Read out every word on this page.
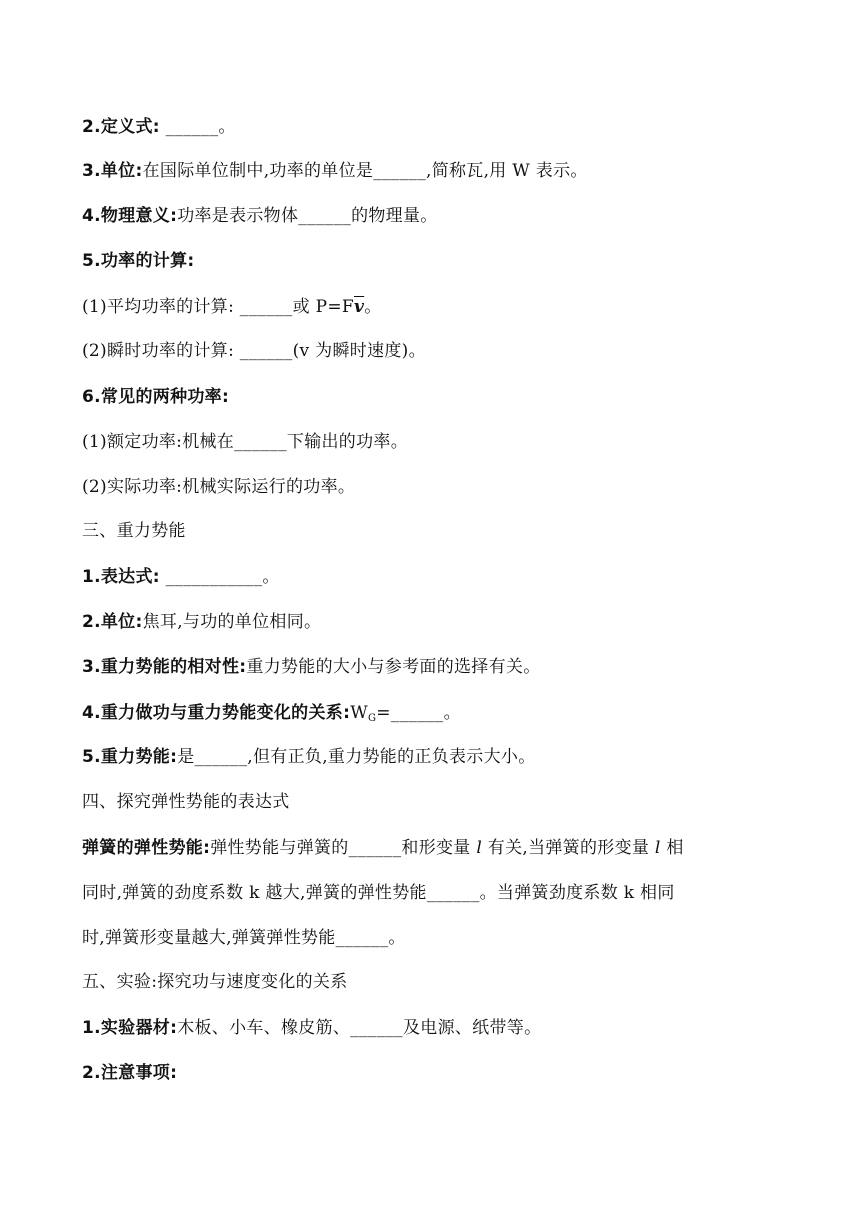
2.定义式: ______。
3.单位:在国际单位制中,功率的单位是______,简称瓦,用 W 表示。
4.物理意义:功率是表示物体______的物理量。
5.功率的计算:
(1)平均功率的计算: ______或 $P=F\overline{v}$。
(2)瞬时功率的计算: ______(v 为瞬时速度)。
6.常见的两种功率:
(1)额定功率:机械在______下输出的功率。
(2)实际功率:机械实际运行的功率。
三、重力势能
1.表达式: ___________。
2.单位:焦耳,与功的单位相同。
3.重力势能的相对性:重力势能的大小与参考面的选择有关。
4.重力做功与重力势能变化的关系$:W_G=\_\_\_\_\_\_$。
5.重力势能:是______,但有正负,重力势能的正负表示大小。
四、探究弹性势能的表达式
弹簧的弹性势能:弹性势能与弹簧的______和形变量 l 有关,当弹簧的形变量 l 相
同时,弹簧的劲度系数 k 越大,弹簧的弹性势能______。当弹簧劲度系数 k 相同
时,弹簧形变量越大,弹簧弹性势能______。
五、实验:探究功与速度变化的关系
1.实验器材:木板、小车、橡皮筋、______及电源、纸带等。
2.注意事项:
